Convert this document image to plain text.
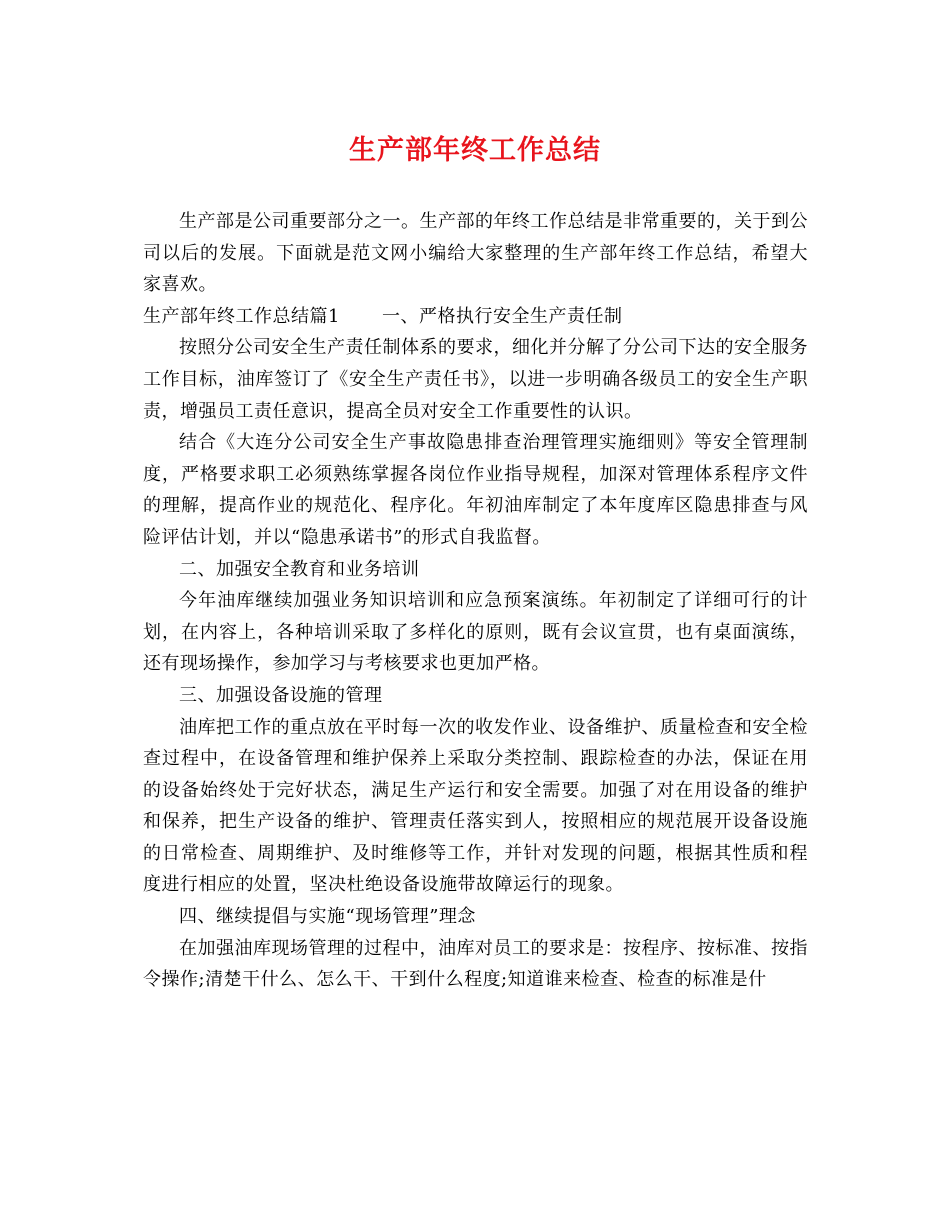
生产部年终工作总结

生产部是公司重要部分之一。生产部的年终工作总结是非常重要的，关于到公司以后的发展。下面就是范文网小编给大家整理的生产部年终工作总结，希望大家喜欢。

生产部年终工作总结篇1 一、严格执行安全生产责任制

按照分公司安全生产责任制体系的要求，细化并分解了分公司下达的安全服务工作目标，油库签订了《安全生产责任书》，以进一步明确各级员工的安全生产职责，增强员工责任意识，提高全员对安全工作重要性的认识。

结合《大连分公司安全生产事故隐患排查治理管理实施细则》等安全管理制度，严格要求职工必须熟练掌握各岗位作业指导规程，加深对管理体系程序文件的理解，提高作业的规范化、程序化。年初油库制定了本年度库区隐患排查与风险评估计划，并以“隐患承诺书”的形式自我监督。

二、加强安全教育和业务培训

今年油库继续加强业务知识培训和应急预案演练。年初制定了详细可行的计划，在内容上，各种培训采取了多样化的原则，既有会议宣贯，也有桌面演练，还有现场操作，参加学习与考核要求也更加严格。

三、加强设备设施的管理

油库把工作的重点放在平时每一次的收发作业、设备维护、质量检查和安全检查过程中，在设备管理和维护保养上采取分类控制、跟踪检查的办法，保证在用的设备始终处于完好状态，满足生产运行和安全需要。加强了对在用设备的维护和保养，把生产设备的维护、管理责任落实到人，按照相应的规范展开设备设施的日常检查、周期维护、及时维修等工作，并针对发现的问题，根据其性质和程度进行相应的处置，坚决杜绝设备设施带故障运行的现象。

四、继续提倡与实施“现场管理”理念

在加强油库现场管理的过程中，油库对员工的要求是：按程序、按标准、按指令操作;清楚干什么、怎么干、干到什么程度;知道谁来检查、检查的标准是什
